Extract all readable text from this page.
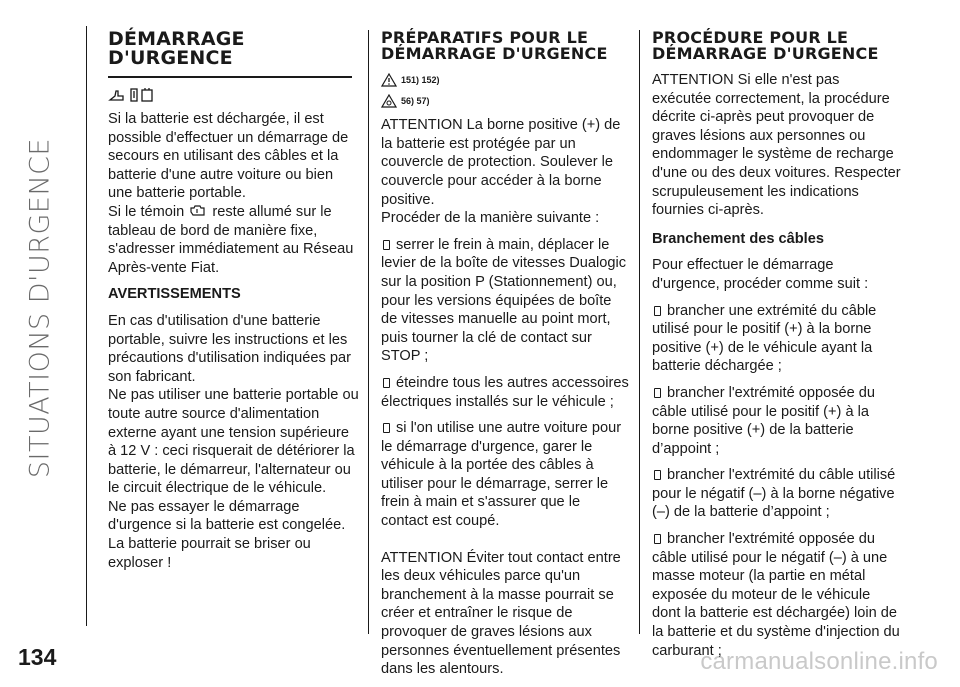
SITUATIONS D'URGENCE
134	carmanualsonline.info
DÉMARRAGE D'URGENCE

Si la batterie est déchargée, il est possible d'effectuer un démarrage de secours en utilisant des câbles et la batterie d'une autre voiture ou bien une batterie portable.

Si le témoin  reste allumé sur le tableau de bord de manière fixe, s'adresser immédiatement au Réseau Après-vente Fiat.

AVERTISSEMENTS

En cas d'utilisation d'une batterie portable, suivre les instructions et les précautions d'utilisation indiquées par son fabricant.

Ne pas utiliser une batterie portable ou toute autre source d'alimentation externe ayant une tension supérieure à 12 V : ceci risquerait de détériorer la batterie, le démarreur, l'alternateur ou le circuit électrique de le véhicule.

Ne pas essayer le démarrage d'urgence si la batterie est congelée. La batterie pourrait se briser ou exploser !

PRÉPARATIFS POUR LE DÉMARRAGE D'URGENCE
151) 152)
56) 57)

ATTENTION La borne positive (+) de la batterie est protégée par un couvercle de protection. Soulever le couvercle pour accéder à la borne positive.

Procéder de la manière suivante :

serrer le frein à main, déplacer le levier de la boîte de vitesses Dualogic sur la position P (Stationnement) ou, pour les versions équipées de boîte de vitesses manuelle au point mort, puis tourner la clé de contact sur STOP ;

éteindre tous les autres accessoires électriques installés sur le véhicule ;

si l'on utilise une autre voiture pour le démarrage d'urgence, garer le véhicule à la portée des câbles à utiliser pour le démarrage, serrer le frein à main et s'assurer que le contact est coupé.

ATTENTION Éviter tout contact entre les deux véhicules parce qu'un branchement à la masse pourrait se créer et entraîner le risque de provoquer de graves lésions aux personnes éventuellement présentes dans les alentours.

PROCÉDURE POUR LE DÉMARRAGE D'URGENCE

ATTENTION Si elle n'est pas exécutée correctement, la procédure décrite ci-après peut provoquer de graves lésions aux personnes ou endommager le système de recharge d'une ou des deux voitures. Respecter scrupuleusement les indications fournies ci-après.

Branchement des câbles

Pour effectuer le démarrage d'urgence, procéder comme suit :

brancher une extrémité du câble utilisé pour le positif (+) à la borne positive (+) de le véhicule ayant la batterie déchargée ;

brancher l'extrémité opposée du câble utilisé pour le positif (+) à la borne positive (+) de la batterie d’appoint ;

brancher l'extrémité du câble utilisé pour le négatif (–) à la borne négative (–) de la batterie d’appoint ;

brancher l'extrémité opposée du câble utilisé pour le négatif (–) à une masse moteur (la partie en métal exposée du moteur de le véhicule dont la batterie est déchargée) loin de la batterie et du système d'injection du carburant ;
